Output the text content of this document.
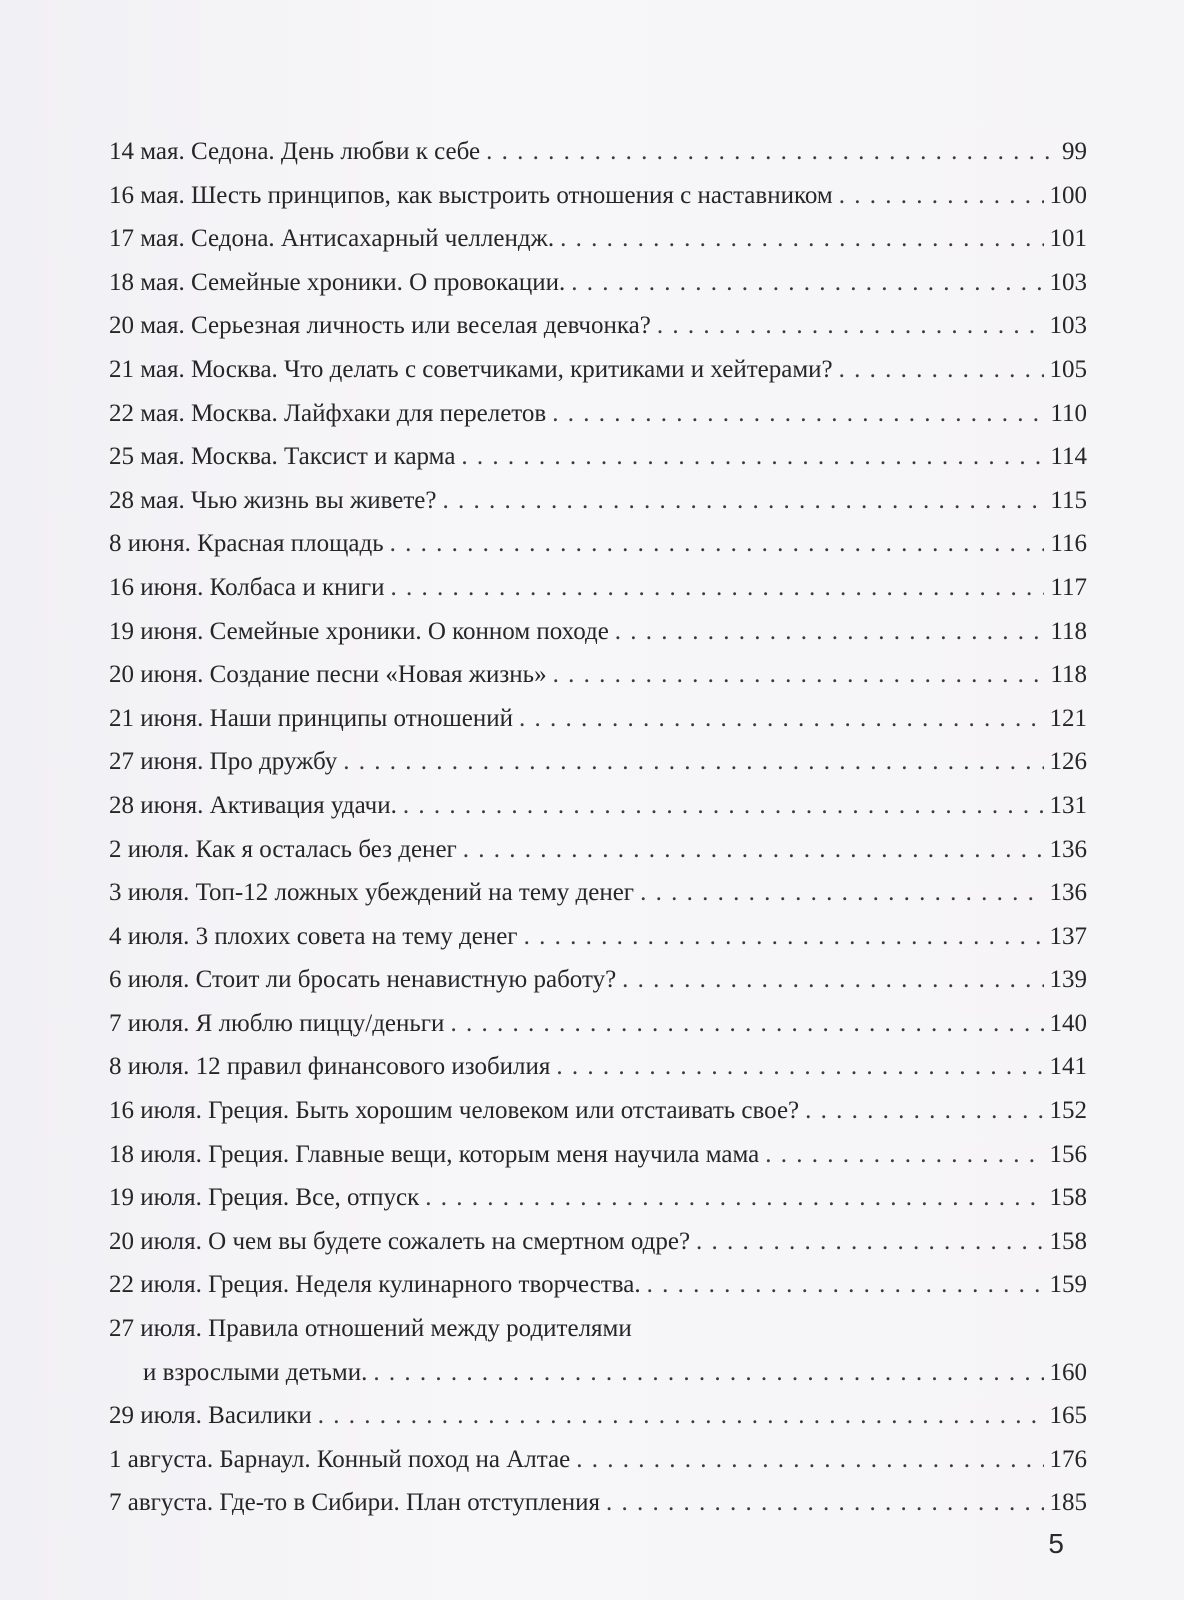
14 мая. Седона. День любви к себе . . .	99
16 мая. Шесть принципов, как выстроить отношения с наставником . . .	100
17 мая. Седона. Антисахарный челлендж. . . .	101
18 мая. Семейные хроники. О провокации. . . .	103
20 мая. Серьезная личность или веселая девчонка? . . .	103
21 мая. Москва. Что делать с советчиками, критиками и хейтерами? . . .	105
22 мая. Москва. Лайфхаки для перелетов . . .	110
25 мая. Москва. Таксист и карма . . .	114
28 мая. Чью жизнь вы живете? . . .	115
8 июня. Красная площадь . . .	116
16 июня. Колбаса и книги . . .	117
19 июня. Семейные хроники. О конном походе . . .	118
20 июня. Создание песни «Новая жизнь» . . .	118
21 июня. Наши принципы отношений . . .	121
27 июня. Про дружбу . . .	126
28 июня. Активация удачи. . . .	131
2 июля. Как я осталась без денег . . .	136
3 июля. Топ-12 ложных убеждений на тему денег . . .	136
4 июля. 3 плохих совета на тему денег . . .	137
6 июля. Стоит ли бросать ненавистную работу? . . .	139
7 июля. Я люблю пиццу/деньги . . .	140
8 июля. 12 правил финансового изобилия . . .	141
16 июля. Греция. Быть хорошим человеком или отстаивать свое? . . .	152
18 июля. Греция. Главные вещи, которым меня научила мама . . .	156
19 июля. Греция. Все, отпуск . . .	158
20 июля. О чем вы будете сожалеть на смертном одре? . . .	158
22 июля. Греция. Неделя кулинарного творчества. . . .	159
27 июля. Правила отношений между родителями
и взрослыми детьми. . . .	160
29 июля. Василики . . .	165
1 августа. Барнаул. Конный поход на Алтае . . .	176
7 августа. Где-то в Сибири. План отступления . . .	185
5
